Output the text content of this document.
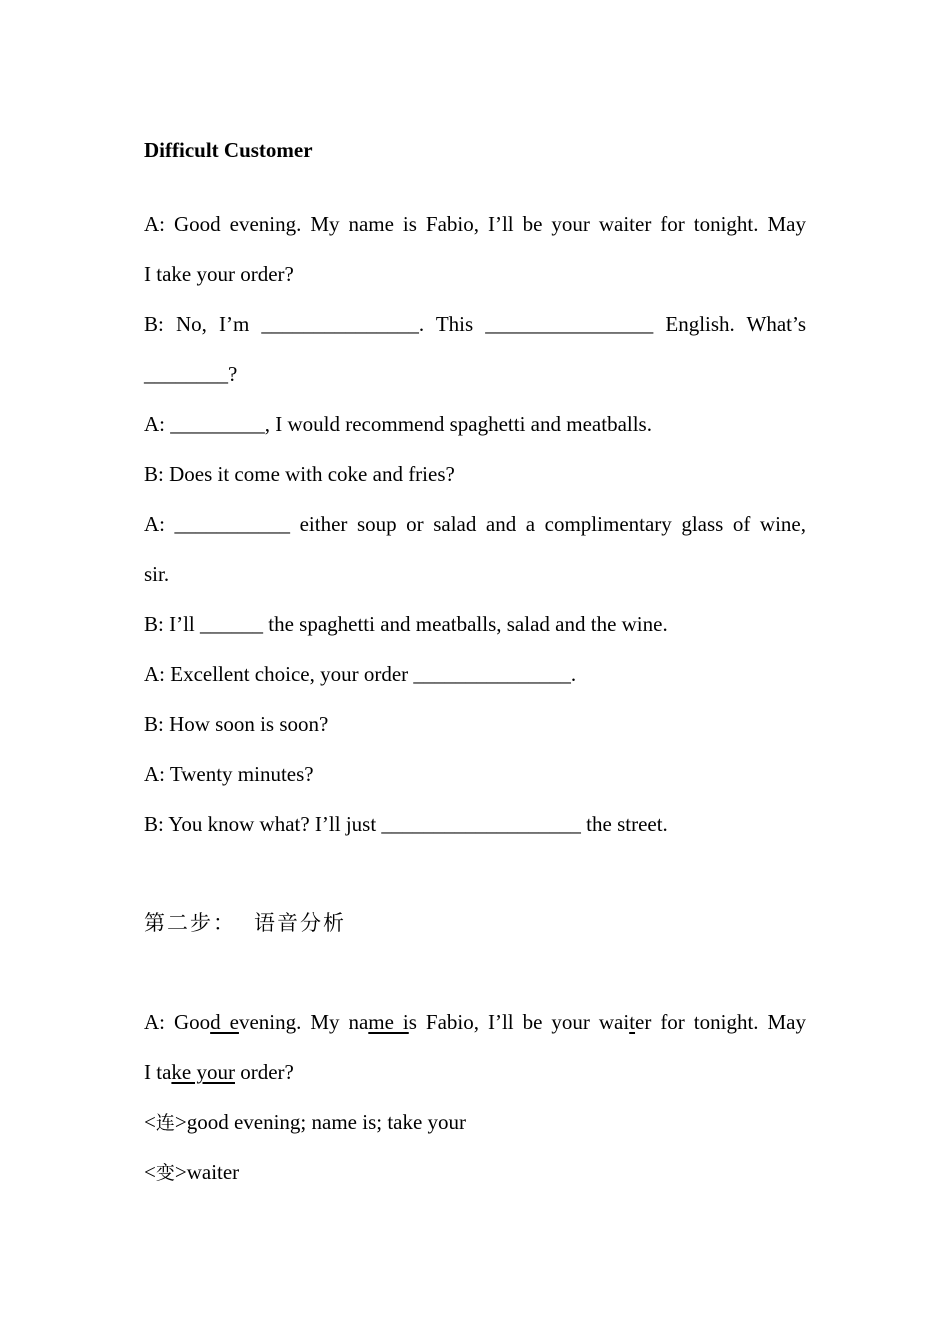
Difficult Customer
A: Good evening. My name is Fabio, I’ll be your waiter for tonight. May
I take your order?
B: No, I’m _______________. This ________________ English. What’s
________?
A: _________, I would recommend spaghetti and meatballs.
B: Does it come with coke and fries?
A: ___________ either soup or salad and a complimentary glass of wine,
sir.
B: I’ll ______ the spaghetti and meatballs, salad and the wine.
A: Excellent choice, your order _______________.
B: How soon is soon?
A: Twenty minutes?
B: You know what? I’ll just ___________________ the street.
第二步： 语音分析
A: Good evening. My name is Fabio, I’ll be your waiter for tonight. May
I take your order?
<连>good evening; name is; take your
<变>waiter
